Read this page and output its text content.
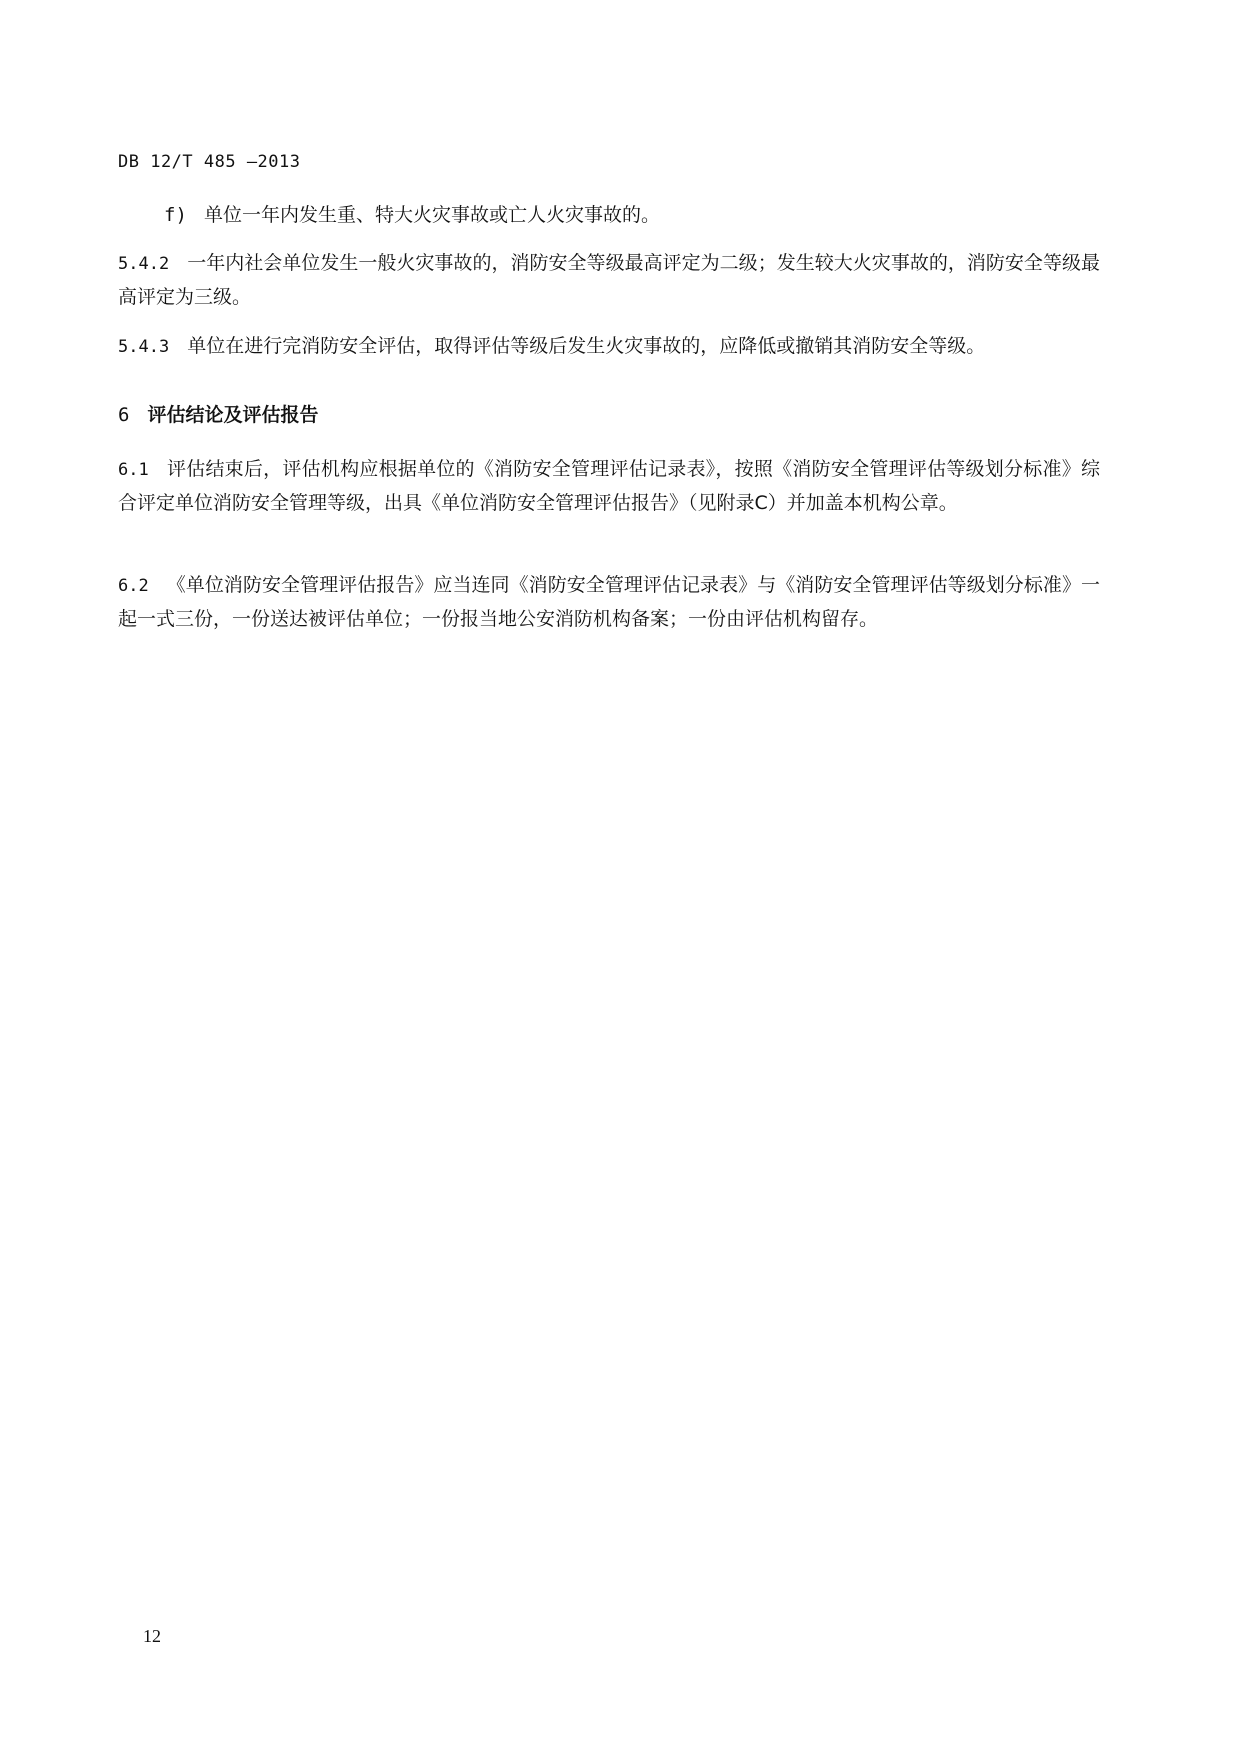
DB 12/T 485 —2013
f) 单位一年内发生重、特大火灾事故或亡人火灾事故的。
5.4.2 一年内社会单位发生一般火灾事故的，消防安全等级最高评定为二级；发生较大火灾事故的，消防安全等级最高评定为三级。
5.4.3 单位在进行完消防安全评估，取得评估等级后发生火灾事故的，应降低或撤销其消防安全等级。
6 评估结论及评估报告
6.1 评估结束后，评估机构应根据单位的《消防安全管理评估记录表》，按照《消防安全管理评估等级划分标准》综合评定单位消防安全管理等级，出具《单位消防安全管理评估报告》（见附录C）并加盖本机构公章。
6.2 《单位消防安全管理评估报告》应当连同《消防安全管理评估记录表》与《消防安全管理评估等级划分标准》一起一式三份，一份送达被评估单位；一份报当地公安消防机构备案；一份由评估机构留存。
12
